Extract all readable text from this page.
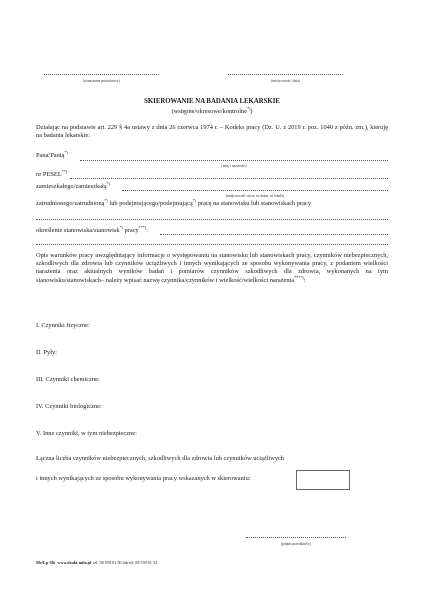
(oznaczenie pracodawcy)	(miejscowość, data)
SKIEROWANIE NA BADANIA LEKARSKIE
(wstępne/okresowe/kontrolne*))
Działając na podstawie art. 229 § 4a ustawy z dnia 26 czerwca 1974 r. – Kodeks pracy (Dz. U. z 2019 r. poz. 1040 z późn. zm.), kieruję na badania lekarskie:
Pana/Panią*)
(imię i nazwisko)
nr PESEL**)
zamieszkałego/zamieszkałą*)
(miejscowość, ulica, nr domu, nr lokalu)
zatrudnionego/zatrudnioną*) lub podejmującego/podejmującą*) pracę na stanowisku lub stanowiskach pracy
określenie stanowiska/stanowisk*) pracy***):
Opis warunków pracy uwzględniający informacje o występowaniu na stanowisku lub stanowiskach pracy, czynników niebezpiecznych, szkodliwych dla zdrowia lub czynników uciążliwych i innych wynikających ze sposobu wykonywania pracy, z podaniem wielkości narażenia oraz aktualnych wyników badań i pomiarów czynników szkodliwych dla zdrowia, wykonanych na tym stanowisku/stanowiskach– należy wpisać nazwę czynnika/czynników i wielkość/wielkości narażenia****):
I. Czynniki fizyczne:
II. Pyły:
III. Czynniki chemiczne:
IV. Czynniki biologiczne:
V. Inne czynniki, w tym niebezpieczne:
Łączna liczba czynników niebezpiecznych, szkodliwych dla zdrowia lub czynników uciążliwych
i innych wynikających ze sposobu wykonywania pracy wskazanych w skierowaniu:
(podpis pracodawcy)
Me/Lp-30s www.druki-mila.pl tel. 58 559 01 50 lub tel. 58 559 01 52
